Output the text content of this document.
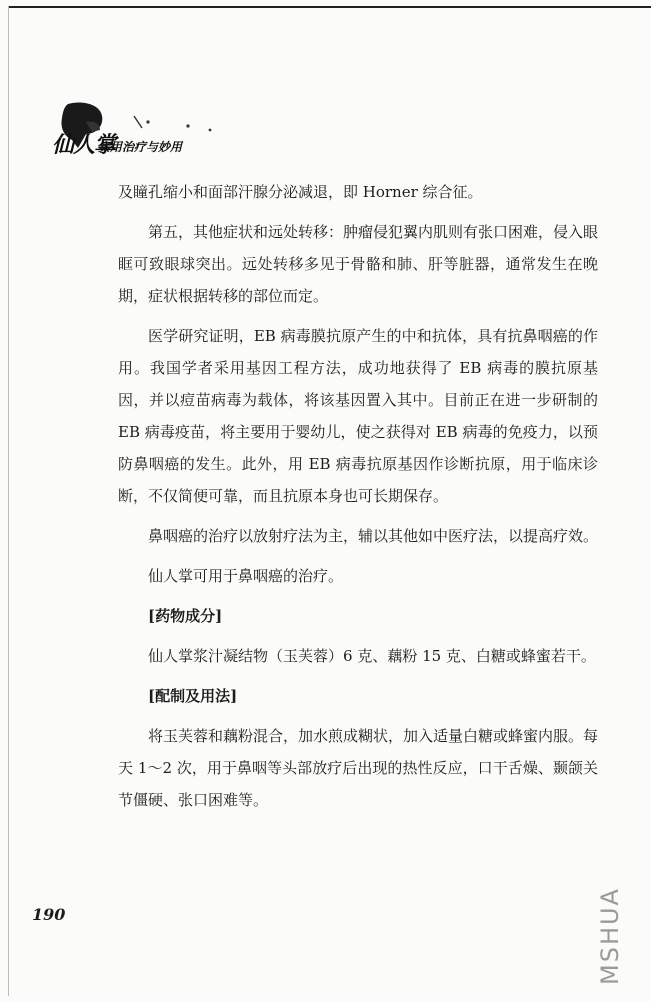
仙人掌
实用治疗与妙用

及瞳孔缩小和面部汗腺分泌减退，即 Horner 综合征。

第五，其他症状和远处转移：肿瘤侵犯翼内肌则有张口困难，侵入眼眶可致眼球突出。远处转移多见于骨骼和肺、肝等脏器，通常发生在晚期，症状根据转移的部位而定。

医学研究证明，EB 病毒膜抗原产生的中和抗体，具有抗鼻咽癌的作用。我国学者采用基因工程方法，成功地获得了 EB 病毒的膜抗原基因，并以痘苗病毒为载体，将该基因置入其中。目前正在进一步研制的 EB 病毒疫苗，将主要用于婴幼儿，使之获得对 EB 病毒的免疫力，以预防鼻咽癌的发生。此外，用 EB 病毒抗原基因作诊断抗原，用于临床诊断，不仅简便可靠，而且抗原本身也可长期保存。

鼻咽癌的治疗以放射疗法为主，辅以其他如中医疗法，以提高疗效。

仙人掌可用于鼻咽癌的治疗。

[药物成分]

仙人掌浆汁凝结物（玉芙蓉）6 克、藕粉 15 克、白糖或蜂蜜若干。

[配制及用法]

将玉芙蓉和藕粉混合，加水煎成糊状，加入适量白糖或蜂蜜内服。每天 1～2 次，用于鼻咽等头部放疗后出现的热性反应，口干舌燥、颞颌关节僵硬、张口困难等。

190	MSHUA
